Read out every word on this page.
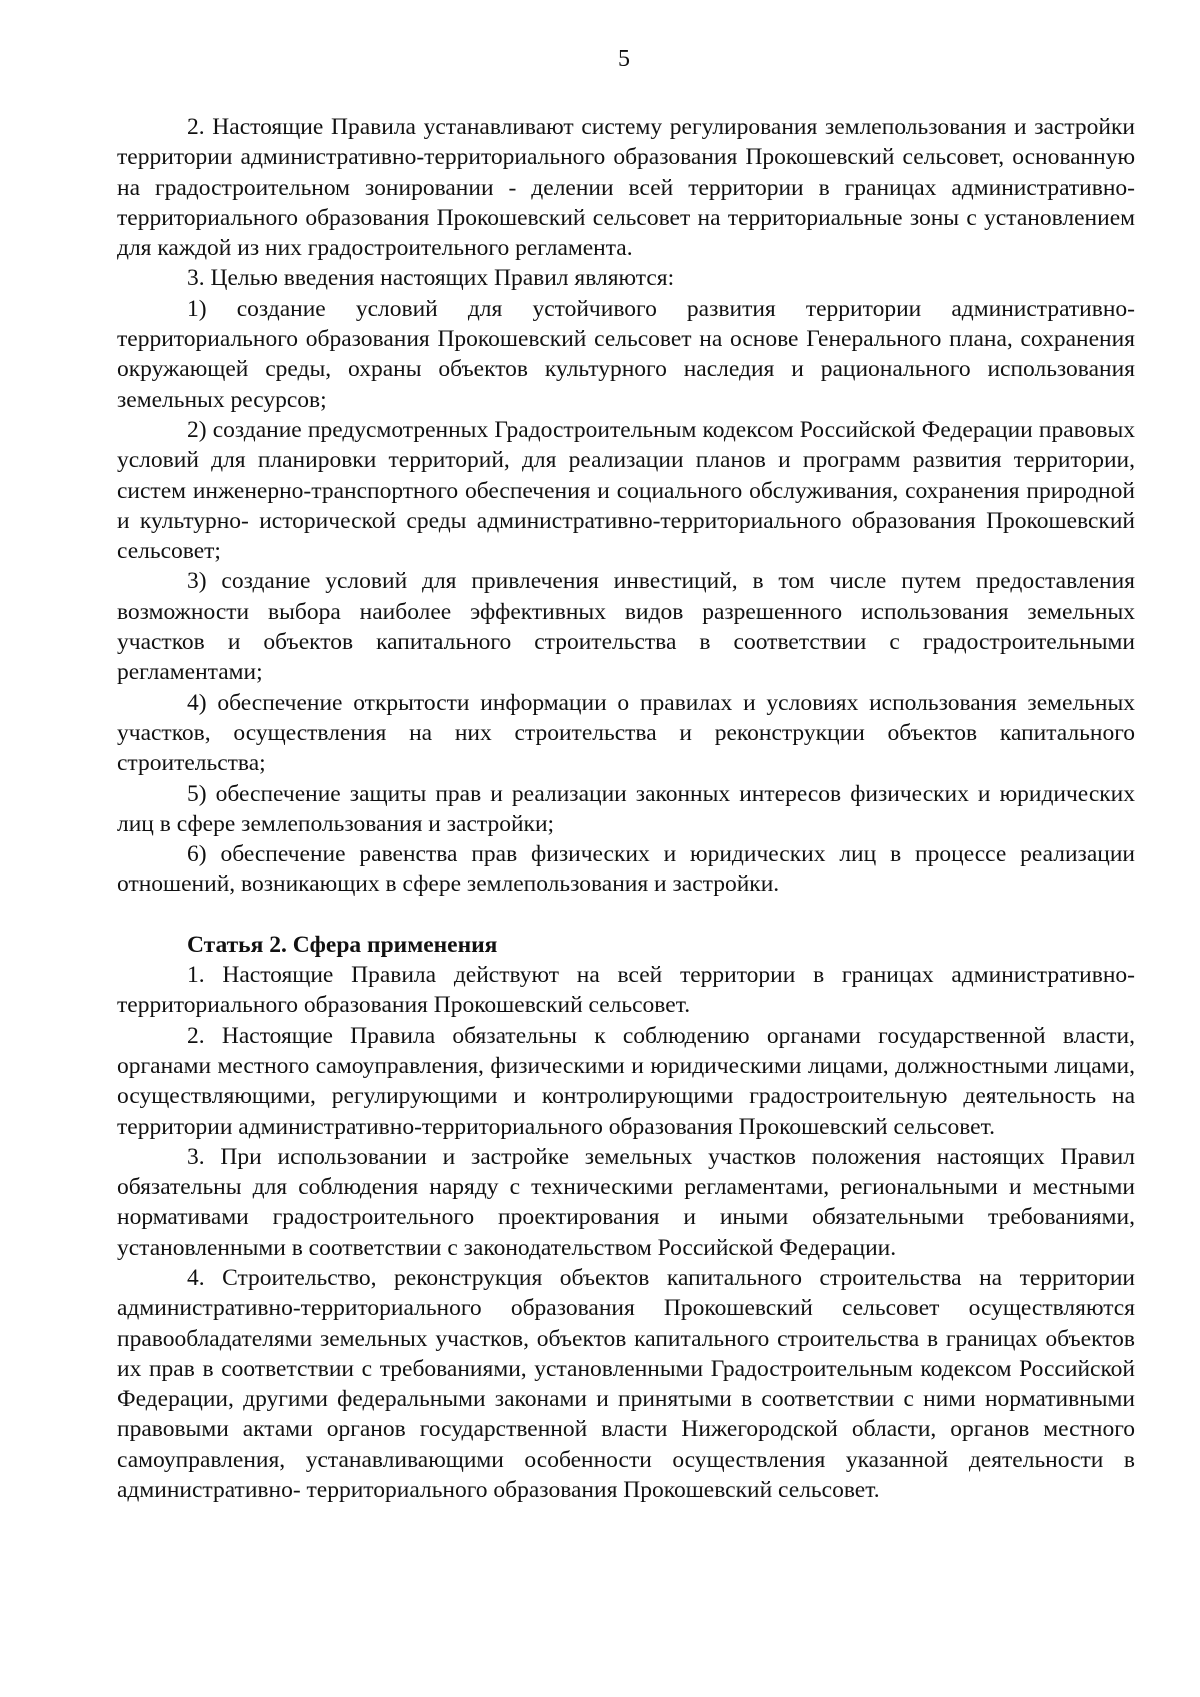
5

2. Настоящие Правила устанавливают систему регулирования землепользования и застройки территории административно-территориального образования Прокошевский сельсовет, основанную на градостроительном зонировании - делении всей территории в границах административно- территориального образования Прокошевский сельсовет на территориальные зоны с установлением для каждой из них градостроительного регламента.

3. Целью введения настоящих Правил являются:

1) создание условий для устойчивого развития территории административно-территориального образования Прокошевский сельсовет на основе Генерального плана, сохранения окружающей среды, охраны объектов культурного наследия и рационального использования земельных ресурсов;

2) создание предусмотренных Градостроительным кодексом Российской Федерации правовых условий для планировки территорий, для реализации планов и программ развития территории, систем инженерно-транспортного обеспечения и социального обслуживания, сохранения природной и культурно- исторической среды административно-территориального образования Прокошевский сельсовет;

3) создание условий для привлечения инвестиций, в том числе путем предоставления возможности выбора наиболее эффективных видов разрешенного использования земельных участков и объектов капитального строительства в соответствии с градостроительными регламентами;

4) обеспечение открытости информации о правилах и условиях использования земельных участков, осуществления на них строительства и реконструкции объектов капитального строительства;

5) обеспечение защиты прав и реализации законных интересов физических и юридических лиц в сфере землепользования и застройки;

6) обеспечение равенства прав физических и юридических лиц в процессе реализации отношений, возникающих в сфере землепользования и застройки.

Статья 2. Сфера применения

1. Настоящие Правила действуют на всей территории в границах административно-территориального образования Прокошевский сельсовет.

2. Настоящие Правила обязательны к соблюдению органами государственной власти, органами местного самоуправления, физическими и юридическими лицами, должностными лицами, осуществляющими, регулирующими и контролирующими градостроительную деятельность на территории административно-территориального образования Прокошевский сельсовет.

3. При использовании и застройке земельных участков положения настоящих Правил обязательны для соблюдения наряду с техническими регламентами, региональными и местными нормативами градостроительного проектирования и иными обязательными требованиями, установленными в соответствии с законодательством Российской Федерации.

4. Строительство, реконструкция объектов капитального строительства на территории административно-территориального образования Прокошевский сельсовет осуществляются правообладателями земельных участков, объектов капитального строительства в границах объектов их прав в соответствии с требованиями, установленными Градостроительным кодексом Российской Федерации, другими федеральными законами и принятыми в соответствии с ними нормативными правовыми актами органов государственной власти Нижегородской области, органов местного самоуправления, устанавливающими особенности осуществления указанной деятельности в административно- территориального образования Прокошевский сельсовет.
